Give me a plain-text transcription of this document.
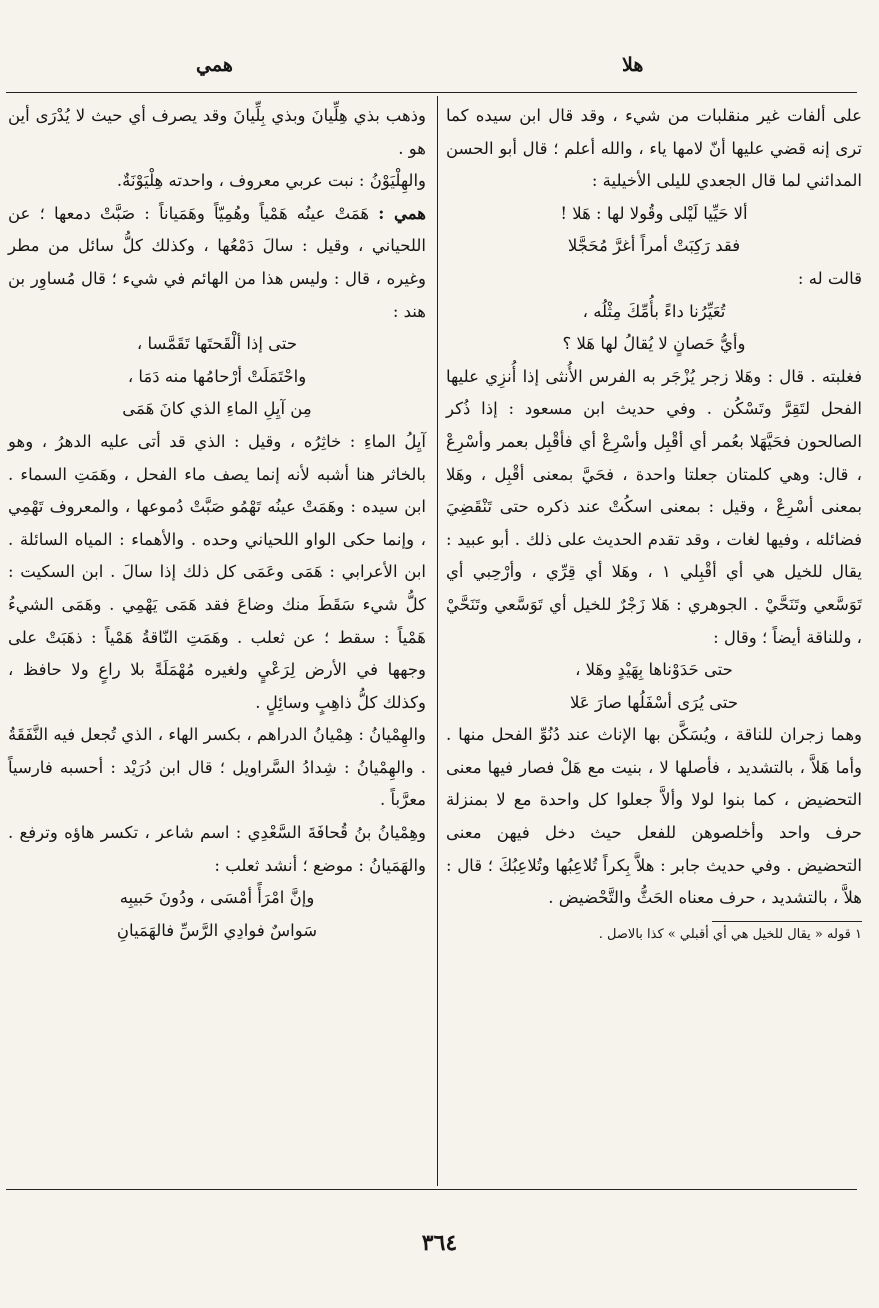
هلا
همي

على ألفات غير منقلبات من شيء ، وقد قال ابن سيده كما ترى إنه قضي عليها أنّ لامها ياء ، والله أعلم ؛ قال أبو الحسن المدائني لما قال الجعدي لليلى الأخيلية :

ألا حَيِّيا لَيْلى وقُولا لها : هَلا !
فقد رَكِبَتْ أمراً أغرَّ مُحَجَّلا

قالت له :

تُعَيِّرُنا داءً بأُمِّكَ مِثْلُه ،
وأيُّ حَصانٍ لا يُقالُ لها هَلا ؟

فغلبته . قال : وهَلا زجر يُزْجَر به الفرس الأُنثى إذا أُنزِي عليها الفحل لتَقِرَّ وتَسْكُن . وفي حديث ابن مسعود : إذا ذُكر الصالحون فحَيَّهَلا بعُمر أي أقْبِل وأسْرِعْ أي فأقْبِل بعمر وأسْرِعْ ، قال: وهي كلمتان جعلتا واحدة ، فحَيَّ بمعنى أقْبِل ، وهَلا بمعنى أسْرِعْ ، وقيل : بمعنى اسكُتْ عند ذكره حتى تَنْقَضِيَ فضائله ، وفيها لغات ، وقد تقدم الحديث على ذلك . أبو عبيد : يقال للخيل هي أي أقْبِلي ١ ، وهَلا أي قِرِّي ، وأرْحِبي أي تَوَسَّعي وتَنَحَّيْ . الجوهري : هَلا زَجْرٌ للخيل أي تَوَسَّعي وتَنَحَّيْ ، وللناقة أيضاً ؛ وقال :

حتى حَدَوْناها بِهَيْدٍ وهَلا ،
حتى يُرَى أسْفَلُها صارَ عَلا

وهما زجران للناقة ، ويُسَكَّن بها الإناث عند دُنُوِّ الفحل منها . وأما هَلاَّ ، بالتشديد ، فأصلها لا ، بنيت مع هَلْ فصار فيها معنى التحضيض ، كما بنوا لولا وألاَّ جعلوا كل واحدة مع لا بمنزلة حرف واحد وأخلصوهن للفعل حيث دخل فيهن معنى التحضيض . وفي حديث جابر : هلاَّ بِكراً تُلاعِبُها وتُلاعِبُكَ ؛ قال : هلاَّ ، بالتشديد ، حرف معناه الحَثُّ والتَّحْضيض .

١ قوله « يقال للخيل هي أي أقبلي » كذا بالاصل .

وذهب بذي هِلِّيانَ وبذي بِلِّيانَ وقد يصرف أي حيث لا يُدْرَى أين هو .

والهِلْيَوْنُ : نبت عربي معروف ، واحدته هِلْيَوْنَةٌ.

همي : هَمَتْ عينُه هَمْياً وهُمِيّاً وهَمَياناً : صَبَّتْ دمعها ؛ عن اللحياني ، وقيل : سالَ دَمْعُها ، وكذلك كلُّ سائل من مطر وغيره ، قال : وليس هذا من الهائم في شيء ؛ قال مُساوِر بن هند :

حتى إذا ألْقَحتَها تَقَمَّسا ،
واحْتَمَلَتْ أرْحامُها منه دَمَا ،
مِن آيِلِ الماءِ الذي كانَ هَمَى

آيِلُ الماءِ : خاثِرُه ، وقيل : الذي قد أتى عليه الدهرُ ، وهو بالخاثر هنا أشبه لأنه إنما يصف ماء الفحل ، وهَمَتِ السماء . ابن سيده : وهَمَتْ عينُه تَهْمُو صَبَّتْ دُموعها ، والمعروف تَهْمِي ، وإنما حكى الواو اللحياني وحده . والأهماء : المياه السائلة . ابن الأعرابي : هَمَى وعَمَى كل ذلك إذا سالَ . ابن السكيت : كلُّ شيء سَقَطَ منك وضاعَ فقد هَمَى يَهْمِي . وهَمَى الشيءُ هَمْياً : سقط ؛ عن ثعلب . وهَمَتِ النّاقةُ هَمْياً : ذهَبَتْ على وجهها في الأرض لِرَعْيٍ ولغيره مُهْمَلَةً بلا راعٍ ولا حافظ ، وكذلك كلُّ ذاهِبٍ وسائِلٍ .

والهِمْيانُ : هِمْيانُ الدراهم ، بكسر الهاء ، الذي تُجعل فيه النَّفَقَةُ . والهِمْيانُ : شِدادُ السَّراويل ؛ قال ابن دُرَيْد : أحسبه فارسياً معرَّباً .

وهِمْيانُ بنُ قُحافَةَ السَّعْدِي : اسم شاعر ، تكسر هاؤه وترفع . والهَمَيانُ : موضع ؛ أنشد ثعلب :

وإنَّ امْرَأً أمْسَى ، ودُونَ حَبيبِه
سَواسٌ فوادِي الرَّسِّ فالهَمَيانِ
٣٦٤
